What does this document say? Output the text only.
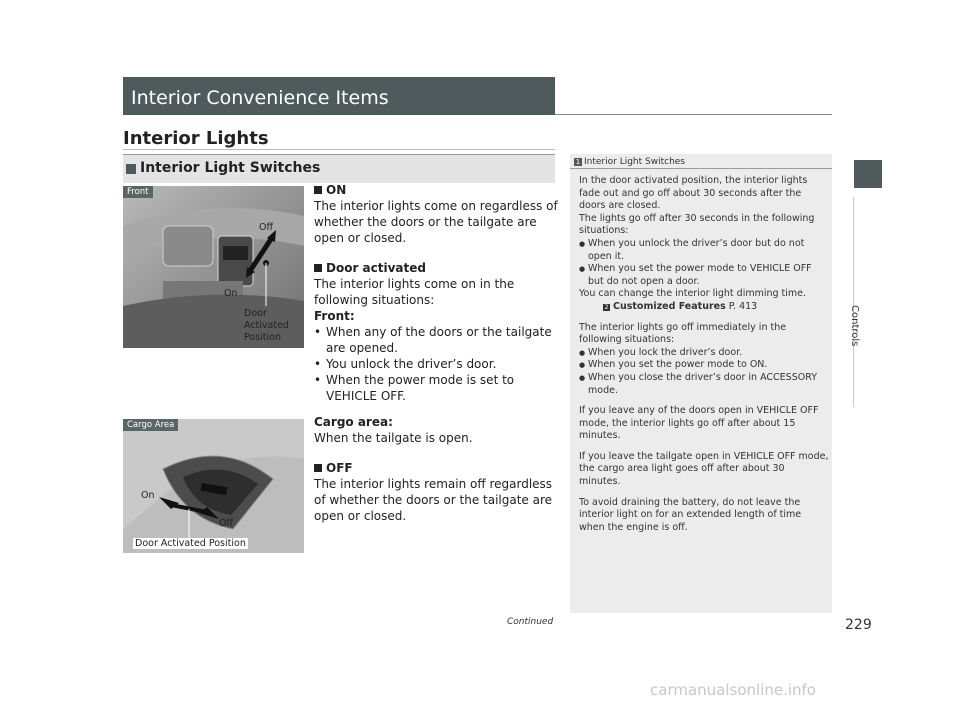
Interior Convenience Items
Interior Lights
Interior Light Switches
Front
Off
On
Door
Activated
Position
Cargo Area
On
Off
Door Activated Position

ON

The interior lights come on regardless of whether the doors or the tailgate are open or closed.

Door activated

The interior lights come on in the following situations:

Front:

• When any of the doors or the tailgate are opened.

• You unlock the driver’s door.

• When the power mode is set to VEHICLE OFF.

Cargo area:

When the tailgate is open.

OFF

The interior lights remain off regardless of whether the doors or the tailgate are open or closed.

1 Interior Light Switches

In the door activated position, the interior lights fade out and go off about 30 seconds after the doors are closed.

The lights go off after 30 seconds in the following situations:

● When you unlock the driver’s door but do not open it.

● When you set the power mode to VEHICLE OFF but do not open a door.

You can change the interior light dimming time.

2 Customized Features P. 413

The interior lights go off immediately in the following situations:

● When you lock the driver’s door.

● When you set the power mode to ON.

● When you close the driver’s door in ACCESSORY mode.

If you leave any of the doors open in VEHICLE OFF mode, the interior lights go off after about 15 minutes.

If you leave the tailgate open in VEHICLE OFF mode, the cargo area light goes off after about 30 minutes.

To avoid draining the battery, do not leave the interior light on for an extended length of time when the engine is off.

Controls
Continued	229
carmanualsonline.info
